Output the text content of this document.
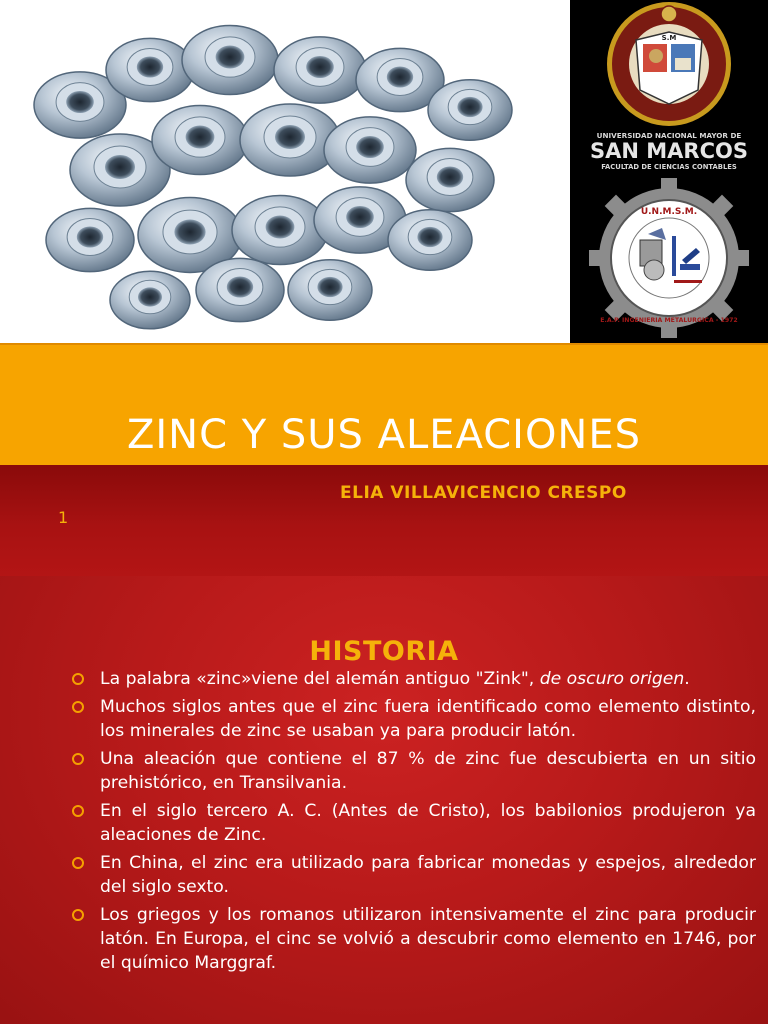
S.M
UNIVERSIDAD NACIONAL MAYOR DE
SAN MARCOS
FACULTAD DE CIENCIAS CONTABLES
U.N.M.S.M.
E.A.P. INGENIERIA METALURGICA - 1972
ZINC Y SUS ALEACIONES
ELIA VILLAVICENCIO CRESPO
1
HISTORIA
La palabra «zinc»viene del alemán antiguo "Zink", de oscuro origen.
Muchos siglos antes que el zinc fuera identificado como elemento distinto, los minerales de zinc se usaban ya para producir latón.
Una aleación que contiene el 87 % de zinc fue descubierta en un sitio prehistórico, en Transilvania.
En el siglo tercero A. C. (Antes de Cristo), los babilonios produjeron ya aleaciones de Zinc.
En China, el zinc era utilizado para fabricar monedas y espejos, alrededor del siglo sexto.
Los griegos y los romanos utilizaron intensivamente el zinc para producir latón. En Europa, el cinc se volvió a descubrir como elemento en 1746, por el químico Marggraf.
